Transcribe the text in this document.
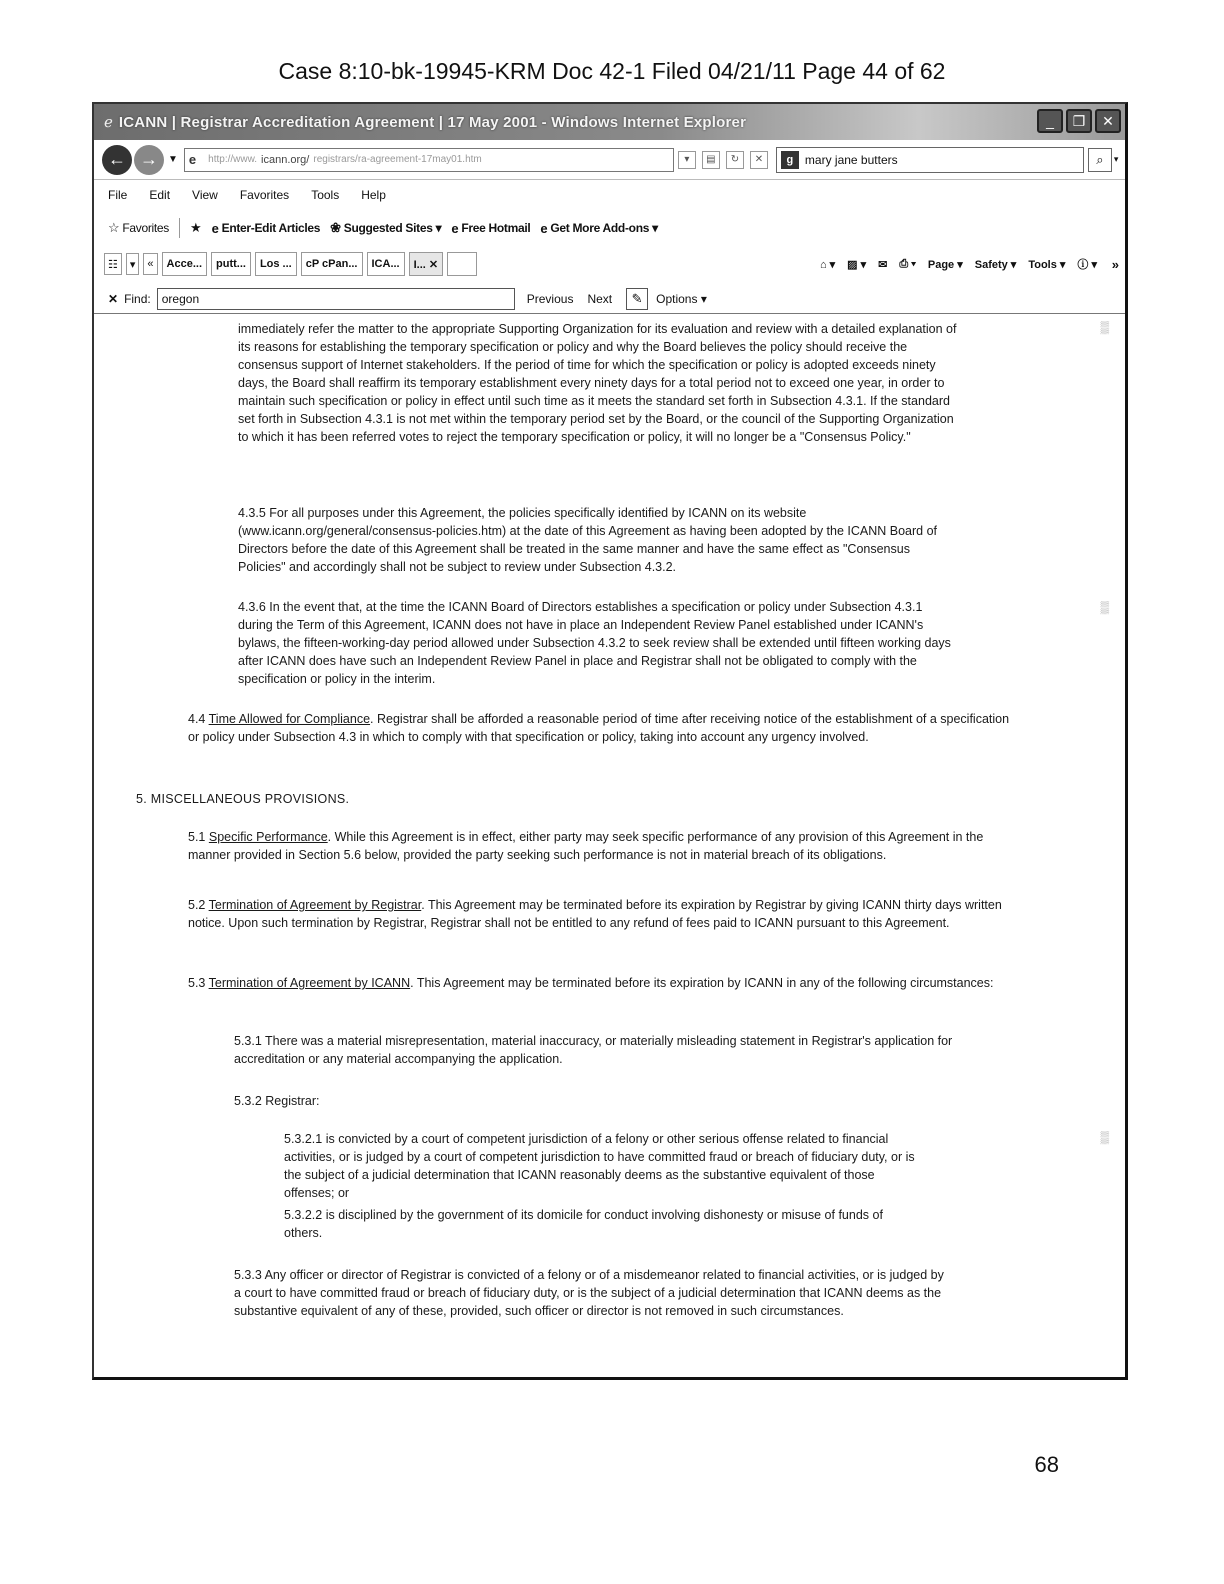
Case 8:10-bk-19945-KRM Doc 42-1 Filed 04/21/11 Page 44 of 62
ℯ ICANN | Registrar Accreditation Agreement | 17 May 2001 - Windows Internet Explorer	_	❐	✕
← →	▼ e http://www. icann.org/ registrars/ra-agreement-17may01.htm	▾	▤	↻	✕	g mary jane butters	⌕	▾
File Edit View Favorites Tools Help
☆ Favorites ★ e Enter-Edit Articles ❀ Suggested Sites ▾ e Free Hotmail e Get More Add-ons ▾
☷	▾	«	Acce...	putt...	Los ...	cP cPan...	ICA...	I... ✕	⌂ ▾ ▨ ▾ ✉ ⎙ ▾ Page ▾ Safety ▾ Tools ▾ ⓘ ▾ »
✕ Find: oregon	Previous Next	✎	Options ▾
▒
▒
▒
immediately refer the matter to the appropriate Supporting Organization for its evaluation and review with a detailed explanation of its reasons for establishing the temporary specification or policy and why the Board believes the policy should receive the consensus support of Internet stakeholders. If the period of time for which the specification or policy is adopted exceeds ninety days, the Board shall reaffirm its temporary establishment every ninety days for a total period not to exceed one year, in order to maintain such specification or policy in effect until such time as it meets the standard set forth in Subsection 4.3.1. If the standard set forth in Subsection 4.3.1 is not met within the temporary period set by the Board, or the council of the Supporting Organization to which it has been referred votes to reject the temporary specification or policy, it will no longer be a "Consensus Policy."
4.3.5 For all purposes under this Agreement, the policies specifically identified by ICANN on its website (www.icann.org/general/consensus-policies.htm) at the date of this Agreement as having been adopted by the ICANN Board of Directors before the date of this Agreement shall be treated in the same manner and have the same effect as "Consensus Policies" and accordingly shall not be subject to review under Subsection 4.3.2.
4.3.6 In the event that, at the time the ICANN Board of Directors establishes a specification or policy under Subsection 4.3.1 during the Term of this Agreement, ICANN does not have in place an Independent Review Panel established under ICANN's bylaws, the fifteen-working-day period allowed under Subsection 4.3.2 to seek review shall be extended until fifteen working days after ICANN does have such an Independent Review Panel in place and Registrar shall not be obligated to comply with the specification or policy in the interim.
4.4 Time Allowed for Compliance. Registrar shall be afforded a reasonable period of time after receiving notice of the establishment of a specification or policy under Subsection 4.3 in which to comply with that specification or policy, taking into account any urgency involved.
5. MISCELLANEOUS PROVISIONS.
5.1 Specific Performance. While this Agreement is in effect, either party may seek specific performance of any provision of this Agreement in the manner provided in Section 5.6 below, provided the party seeking such performance is not in material breach of its obligations.
5.2 Termination of Agreement by Registrar. This Agreement may be terminated before its expiration by Registrar by giving ICANN thirty days written notice. Upon such termination by Registrar, Registrar shall not be entitled to any refund of fees paid to ICANN pursuant to this Agreement.
5.3 Termination of Agreement by ICANN. This Agreement may be terminated before its expiration by ICANN in any of the following circumstances:
5.3.1 There was a material misrepresentation, material inaccuracy, or materially misleading statement in Registrar's application for accreditation or any material accompanying the application.
5.3.2 Registrar:
5.3.2.1 is convicted by a court of competent jurisdiction of a felony or other serious offense related to financial activities, or is judged by a court of competent jurisdiction to have committed fraud or breach of fiduciary duty, or is the subject of a judicial determination that ICANN reasonably deems as the substantive equivalent of those offenses; or
5.3.2.2 is disciplined by the government of its domicile for conduct involving dishonesty or misuse of funds of others.
5.3.3 Any officer or director of Registrar is convicted of a felony or of a misdemeanor related to financial activities, or is judged by a court to have committed fraud or breach of fiduciary duty, or is the subject of a judicial determination that ICANN deems as the substantive equivalent of any of these, provided, such officer or director is not removed in such circumstances.
68
